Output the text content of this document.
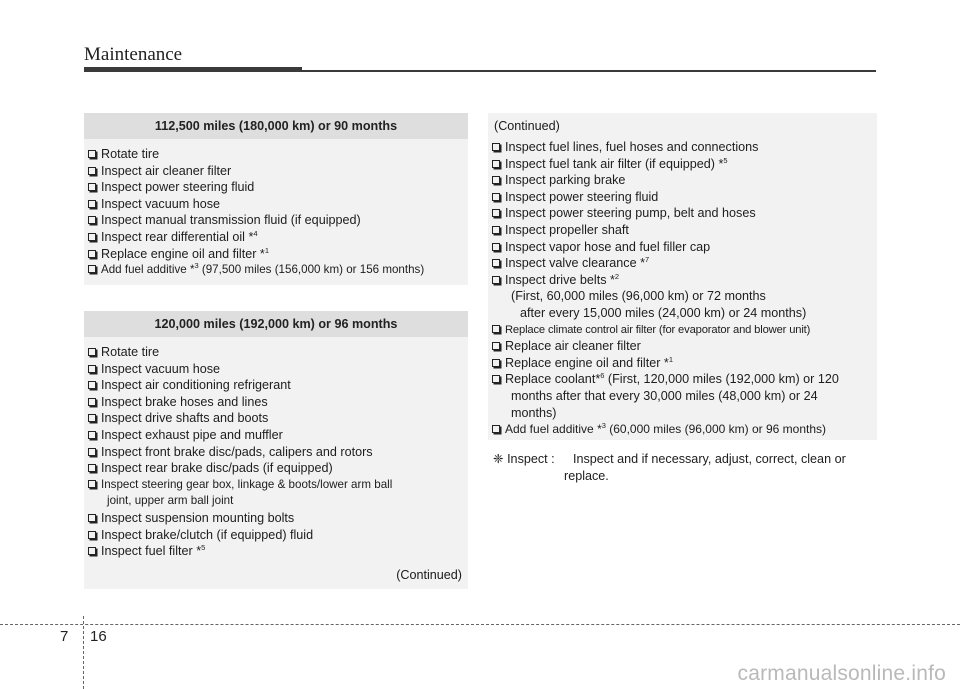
Maintenance
112,500 miles (180,000 km) or 90 months
Rotate tire
Inspect air cleaner filter
Inspect power steering fluid
Inspect vacuum hose
Inspect manual transmission fluid (if equipped)
Inspect rear differential oil *$^4$
Replace engine oil and filter *$^1$
Add fuel additive *$^3$ (97,500 miles (156,000 km) or 156 months)
120,000 miles (192,000 km) or 96 months
Rotate tire
Inspect vacuum hose
Inspect air conditioning refrigerant
Inspect brake hoses and lines
Inspect drive shafts and boots
Inspect exhaust pipe and muffler
Inspect front brake disc/pads, calipers and rotors
Inspect rear brake disc/pads (if equipped)
Inspect steering gear box, linkage & boots/lower arm ball
joint, upper arm ball joint
Inspect suspension mounting bolts
Inspect brake/clutch (if equipped) fluid
Inspect fuel filter *$^5$
(Continued)
(Continued)
Inspect fuel lines, fuel hoses and connections
Inspect fuel tank air filter (if equipped) *$^5$
Inspect parking brake
Inspect power steering fluid
Inspect power steering pump, belt and hoses
Inspect propeller shaft
Inspect vapor hose and fuel filler cap
Inspect valve clearance *$^7$
Inspect drive belts *$^2$
(First, 60,000 miles (96,000 km) or 72 months
after every 15,000 miles (24,000 km) or 24 months)
Replace climate control air filter (for evaporator and blower unit)
Replace air cleaner filter
Replace engine oil and filter *$^1$
Replace coolant*$^6$ (First, 120,000 miles (192,000 km) or 120
months after that every 30,000 miles (48,000 km) or 24
months)
Add fuel additive *$^3$ (60,000 miles (96,000 km) or 96 months)
❈ Inspect : Inspect and if necessary, adjust, correct, clean or
replace.
7 16
carmanualsonline.info
